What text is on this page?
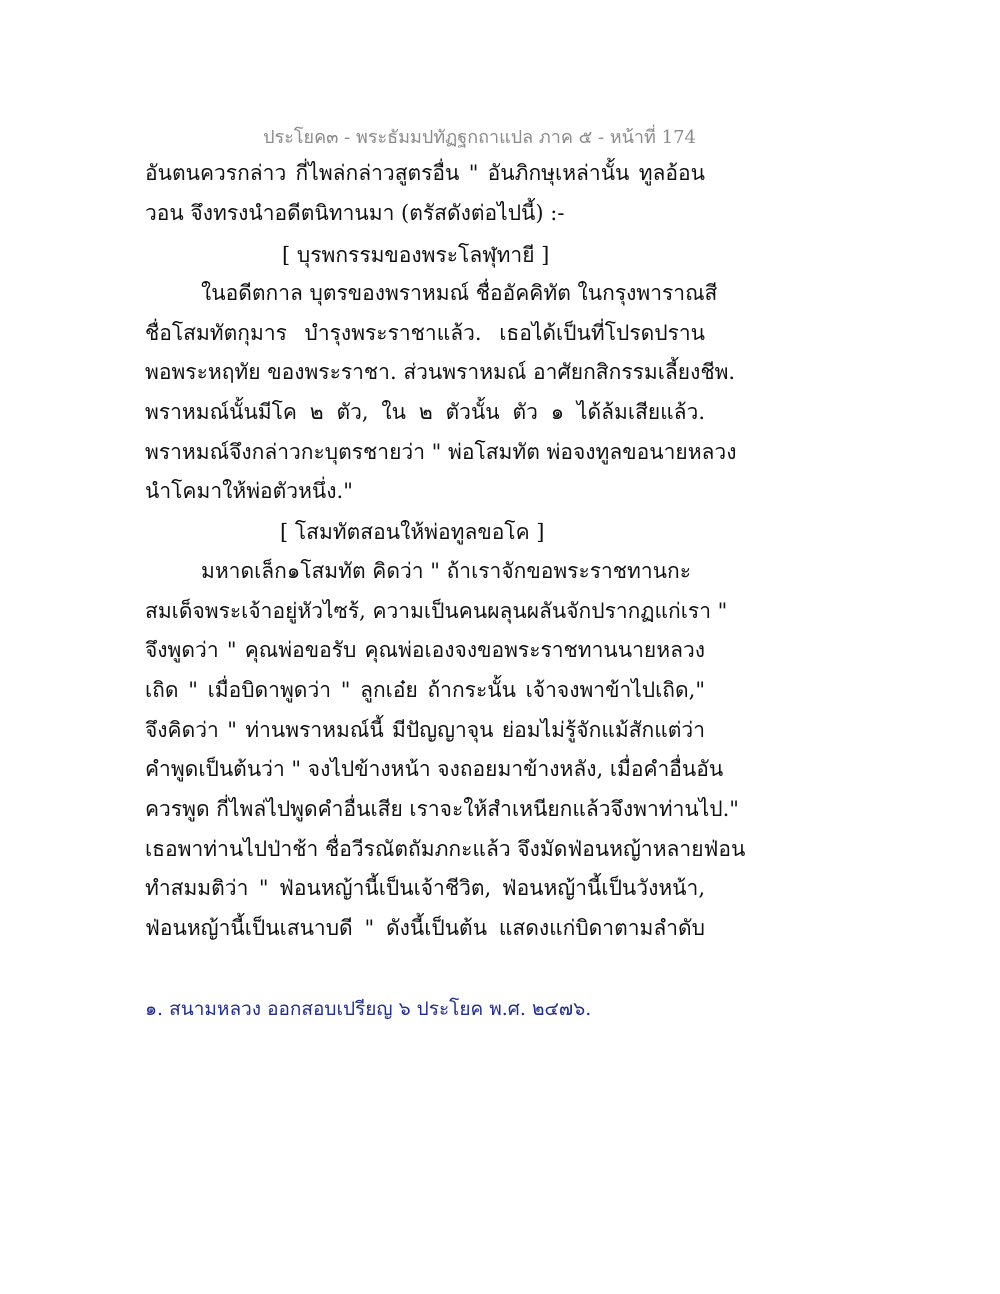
ประโยค๓ - พระธัมมปทัฏฐกถาแปล ภาค ๕ - หน้าที่ 174
อันตนควรกล่าว กี่ไพล่กล่าวสูตรอื่น " อันภิกษุเหล่านั้น ทูลอ้อน
วอน จึงทรงนำอดีตนิทานมา (ตรัสดังต่อไปนี้) :-
[ บุรพกรรมของพระโลฬุทายี ]
ในอดีตกาล บุตรของพราหมณ์ ชื่ออัคคิทัต ในกรุงพาราณสี
ชื่อโสมทัตกุมาร บำรุงพระราชาแล้ว. เธอได้เป็นที่โปรดปราน
พอพระหฤทัย ของพระราชา. ส่วนพราหมณ์ อาศัยกสิกรรมเลี้ยงชีพ.
พราหมณ์นั้นมีโค ๒ ตัว, ใน ๒ ตัวนั้น ตัว ๑ ได้ล้มเสียแล้ว.
พราหมณ์จึงกล่าวกะบุตรชายว่า " พ่อโสมทัต พ่อจงทูลขอนายหลวง
นำโคมาให้พ่อตัวหนึ่ง."
[ โสมทัตสอนให้พ่อทูลขอโค ]
มหาดเล็ก๑โสมทัต คิดว่า " ถ้าเราจักขอพระราชทานกะ
สมเด็จพระเจ้าอยู่หัวไซร้, ความเป็นคนผลุนผลันจักปรากฏแก่เรา "
จึงพูดว่า " คุณพ่อขอรับ คุณพ่อเองจงขอพระราชทานนายหลวง
เถิด " เมื่อบิดาพูดว่า " ลูกเอ๋ย ถ้ากระนั้น เจ้าจงพาข้าไปเถิด,"
จึงคิดว่า " ท่านพราหมณ์นี้ มีปัญญาจุน ย่อมไม่รู้จักแม้สักแต่ว่า
คำพูดเป็นต้นว่า " จงไปข้างหน้า จงถอยมาข้างหลัง, เมื่อคำอื่นอัน
ควรพูด กี่ไพล่ไปพูดคำอื่นเสีย เราจะให้สำเหนียกแล้วจึงพาท่านไป."
เธอพาท่านไปป่าช้า ชื่อวีรณัตถัมภกะแล้ว จึงมัดฟ่อนหญ้าหลายฟ่อน
ทำสมมติว่า " ฟ่อนหญ้านี้เป็นเจ้าชีวิต, ฟ่อนหญ้านี้เป็นวังหน้า,
ฟ่อนหญ้านี้เป็นเสนาบดี " ดังนี้เป็นต้น แสดงแก่บิดาตามลำดับ
๑. สนามหลวง ออกสอบเปรียญ ๖ ประโยค พ.ศ. ๒๔๗๖.
